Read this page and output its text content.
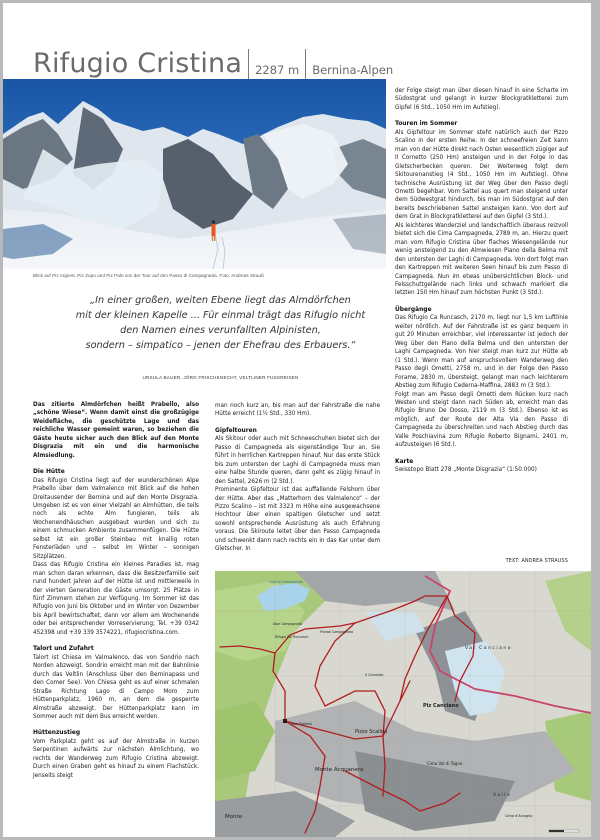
Rifugio Cristina 2287 m Bernina-Alpen
Blick auf Piz Argient, Piz Zupo und Piz Palü von der Tour auf den Passo di Campagneda. Foto: Andreas Strauß
„In einer großen, weiten Ebene liegt das Almdörfchen
mit der kleinen Kapelle ... Für einmal trägt das Rifugio nicht
den Namen eines verunfallten Alpinisten,
sondern – simpatico – jenen der Ehefrau des Erbauers.“
URSULA BAUER, JÖRG FRISCHKNECHT, VELTLINER FUSSREISEN

der Folge steigt man über diesen hinauf in eine Scharte im Südostgrat und gelangt in kurzer Blockgratkletterei zum Gipfel (6 Std., 1050 Hm im Aufstieg).

Touren im Sommer

Als Gipfeltour im Sommer steht natürlich auch der Pizzo Scalino in der ersten Reihe. In der schneefreien Zeit kann man von der Hütte direkt nach Osten wesentlich zügiger auf Il Cornetto (250 Hm) ansteigen und in der Folge in das Gletscherbecken queren. Der Weiterweg folgt dem Skitourenanstieg (4 Std., 1050 Hm im Aufstieg). Ohne technische Ausrüstung ist der Weg über den Passo degli Ometti begehbar. Vom Sattel aus quert man steigend unter dem Südwestgrat hindurch, bis man im Südostgrat auf den bereits beschriebenen Sattel ansteigen kann. Von dort auf dem Grat in Blockgratkletterei auf den Gipfel (3 Std.).

Als leichteres Wanderziel und landschaftlich überaus reizvoll bietet sich die Cima Campagneda, 2789 m, an. Hierzu quert man vom Rifugio Cristina über flaches Wiesengelände nur wenig ansteigend zu den Almwiesen Piano della Belma mit den untersten der Laghi di Campagneda. Von dort folgt man den Kartreppen mit weiteren Seen hinauf bis zum Passo di Campagneda. Nun im etwas unübersichtlichen Block- und Felsschuttgelände nach links und schwach markiert die letzten 150 Hm hinauf zum höchsten Punkt (3 Std.).

Übergänge

Das Rifugio Ca Runcasch, 2170 m, liegt nur 1,5 km Luftlinie weiter nördlich. Auf der Fahrstraße ist es ganz bequem in gut 20 Minuten erreichbar, viel interessanter ist jedoch der Weg über den Piano della Belma und den untersten der Laghi Campagneda. Von hier steigt man kurz zur Hütte ab (1 Std.). Wenn man auf anspruchsvollem Wanderweg den Passo degli Ometti, 2758 m, und in der Folge den Passo Forame, 2830 m, übersteigt, gelangt man nach leichterem Abstieg zum Rifugio Cederna-Maffina, 2883 m (3 Std.).

Folgt man am Passo degli Ometti dem Rücken kurz nach Westen und steigt dann nach Süden ab, erreicht man das Rifugio Bruno De Dosso, 2119 m (3 Std.). Ebenso ist es möglich, auf der Route der Alta Via den Passo di Campagneda zu überschreiten und nach Abstieg durch das Valle Poschiavina zum Rifugio Roberto Bignami, 2401 m, aufzusteigen (6 Std.).

Karte

Swisstopo Blatt 278 „Monte Disgrazia“ (1:50.000)

TEXT: ANDREA STRAUSS

Das zitierte Almdörfchen heißt Prabello, also „schöne Wiese“. Wenn damit einst die großzügige Weidefläche, die geschützte Lage und das reichliche Wasser gemeint waren, so beziehen die Gäste heute sicher auch den Blick auf den Monte Disgrazia mit ein und die harmonische Almsiedlung.

Die Hütte

Das Rifugio Cristina liegt auf der wunderschönen Alpe Prabello über dem Valmalenco mit Blick auf die hohen Dreitausender der Bernina und auf den Monte Disgrazia. Umgeben ist es von einer Vielzahl an Almhütten, die teils noch als echte Alm fungieren, teils als Wochenendhäuschen ausgebaut wurden und sich zu einem schmucken Ambiente zusammenfügen. Die Hütte selbst ist ein großer Steinbau mit knallig roten Fensterläden und – selbst im Winter – sonnigen Sitzplätzen.

Dass das Rifugio Cristina ein kleines Paradies ist, mag man schon daran erkennen, dass die Besitzerfamilie seit rund hundert Jahren auf der Hütte ist und mittlerweile in der vierten Generation die Gäste umsorgt. 25 Plätze in fünf Zimmern stehen zur Verfügung. Im Sommer ist das Rifugio von Juni bis Oktober und im Winter von Dezember bis April bewirtschaftet, dann vor allem am Wochenende oder bei entsprechender Vorreservierung; Tel. +39 0342 452398 und +39 339 3574221, rifugiocristina.com.

Talort und Zufahrt

Talort ist Chiesa im Valmalenco, das von Sondrio nach Norden abzweigt. Sondrio erreicht man mit der Bahnlinie durch das Veltlin (Anschluss über den Berninapass und den Comer See). Von Chiesa geht es auf einer schmalen Straße Richtung Lago di Campo Moro zum Hüttenparkplatz, 1960 m, an dem die gesperrte Almstraße abzweigt. Der Hüttenparkplatz kann im Sommer auch mit dem Bus erreicht werden.

Hüttenzustieg

Vom Parkplatz geht es auf der Almstraße in kurzen Serpentinen aufwärts zur nächsten Almlichtung, wo rechts der Wanderweg zum Rifugio Cristina abzweigt. Durch einen Graben geht es hinauf zu einem Flachstück. Jenseits steigt

man noch kurz an, bis man auf der Fahrstraße die nahe Hütte erreicht (1½ Std., 330 Hm).

Gipfeltouren

Als Skitour oder auch mit Schneeschuhen bietet sich der Passo di Campagneda als eigenständige Tour an. Sie führt in herrlichen Kartreppen hinauf. Nur das erste Stück bis zum untersten der Laghi di Campagneda muss man eine halbe Stunde queren, dann geht es zügig hinauf in den Sattel, 2626 m (2 Std.).

Prominente Gipfeltour ist das auffallende Felshorn über der Hütte. Aber das „Matterhorn des Valmalenco“ – der Pizzo Scalino – ist mit 3323 m Höhe eine ausgewachsene Hochtour über einen spaltigen Gletscher und setzt sowohl entsprechende Ausrüstung als auch Erfahrung voraus. Die Skiroute leitet über den Passo Campagneda und schwenkt dann nach rechts ein in das Kar unter dem Gletscher. In

Lago di Campagneda
Alpe Campagneda
Rifugio Ca' Runcasch
Pianalt Campagneda
Il Cornetto
Alpe Prabello
Pizzo Scalino
Piz Canciano
Val Canciano
Monte Acquanera
Cima Val di Togno
Valle
Monte	Cima d'Arcoglio
